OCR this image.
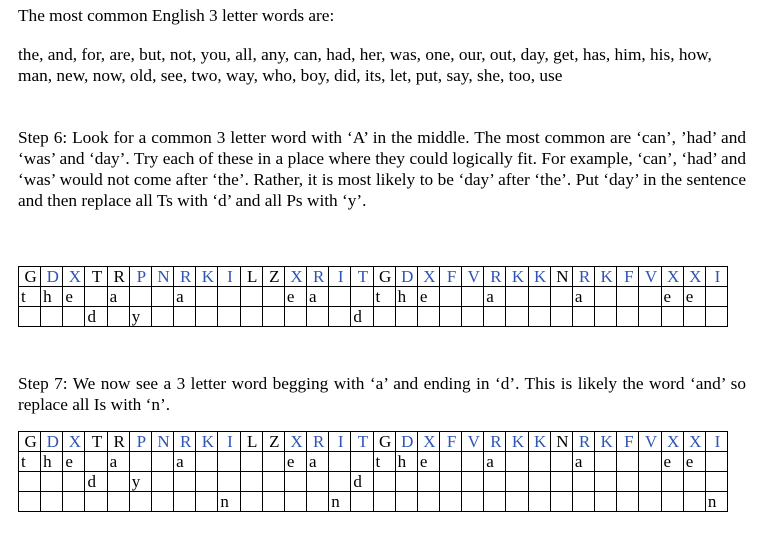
The most common English 3 letter words are:

the, and, for, are, but, not, you, all, any, can, had, her, was, one, our, out, day, get, has, him, his, how, man, new, now, old, see, two, way, who, boy, did, its, let, put, say, she, too, use

Step 6: Look for a common 3 letter word with ‘A’ in the middle. The most common are ‘can’, ’had’ and ‘was’ and ‘day’. Try each of these in a place where they could logically fit. For example, ‘can’, ‘had’ and ‘was’ would not come after ‘the’. Rather, it is most likely to be ‘day’ after ‘the’. Put ‘day’ in the sentence and then replace all Ts with ‘d’ and all Ps with ‘y’.

G	D	X	T	R	P	N	R	K	I	L	Z	X	R	I	T	G	D	X	F	V	R	K	K	N	R	K	F	V	X	X	I
t	h	e		a			a					e	a			t	h	e			a				a				e	e	
			d		y										d																

Step 7: We now see a 3 letter word begging with ‘a’ and ending in ‘d’. This is likely the word ‘and’ so replace all Is with ‘n’.

G	D	X	T	R	P	N	R	K	I	L	Z	X	R	I	T	G	D	X	F	V	R	K	K	N	R	K	F	V	X	X	I
t	h	e		a			a					e	a			t	h	e			a				a				e	e	
			d		y										d																
									n					n																	n
